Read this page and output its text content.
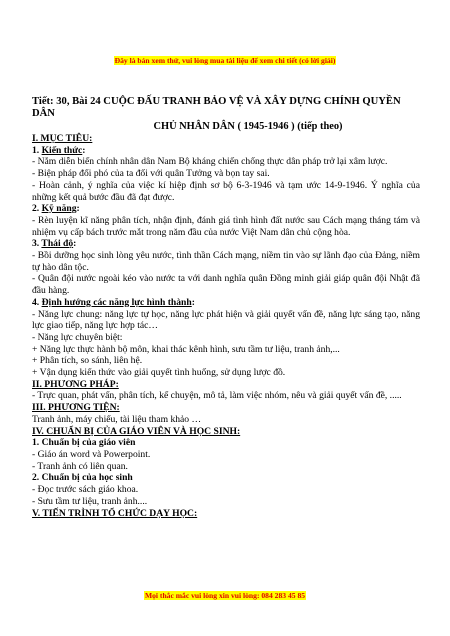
Đây là bản xem thử, vui lòng mua tài liệu để xem chi tiết (có lời giải)

Tiết: 30, Bài 24 CUỘC ĐẤU TRANH BẢO VỆ VÀ XÂY DỰNG CHÍNH QUYỀN DÂN

CHỦ NHÂN DÂN ( 1945-1946 ) (tiếp theo)

I. MỤC TIÊU:

1. Kiến thức:

- Nắm diễn biến chính nhân dân Nam Bộ kháng chiến chống thực dân pháp trở lại xâm lược.

- Biện pháp đối phó của ta đối với quân Tưởng và bọn tay sai.

- Hoàn cảnh, ý nghĩa của việc kí hiệp định sơ bộ 6-3-1946 và tạm ước 14-9-1946. Ý nghĩa của những kết quả bước đầu đã đạt được.

2. Kỹ năng:

- Rèn luyện kĩ năng phân tích, nhận định, đánh giá tình hình đất nước sau Cách mạng tháng tám và nhiệm vụ cấp bách trước mắt trong năm đầu của nước Việt Nam dân chủ cộng hòa.

3. Thái độ:

- Bồi dưỡng học sinh lòng yêu nước, tình thần Cách mạng, niềm tin vào sự lãnh đạo của Đảng, niềm tự hào dân tộc.

- Quân đội nước ngoài kéo vào nước ta với danh nghĩa quân Đồng minh giải giáp quân đội Nhật đã đầu hàng.

4. Định hướng các năng lực hình thành:

- Năng lực chung: năng lực tự học, năng lực phát hiện và giải quyết vấn đề, năng lực sáng tạo, năng lực giao tiếp, năng lực hợp tác…

- Năng lực chuyên biệt:

+ Năng lực thực hành bộ môn, khai thác kênh hình, sưu tầm tư liệu, tranh ảnh,...

+ Phân tích, so sánh, liên hệ.

+ Vận dụng kiến thức vào giải quyết tình huống, sử dụng lược đồ.

II. PHƯƠNG PHÁP:

- Trực quan, phát vấn, phân tích, kể chuyện, mô tả, làm việc nhóm, nêu và giải quyết vấn đề, .....

III. PHƯƠNG TIỆN:

Tranh ảnh, máy chiếu, tài liệu tham khảo …

IV. CHUẨN BỊ CỦA GIÁO VIÊN VÀ HỌC SINH:

1. Chuẩn bị của giáo viên

- Giáo án word và Powerpoint.

- Tranh ảnh có liên quan.

2. Chuẩn bị của học sinh

- Đọc trước sách giáo khoa.

- Sưu tầm tư liệu, tranh ảnh....

V. TIẾN TRÌNH TỔ CHỨC DẠY HỌC:

Mọi thắc mắc vui lòng xin vui lòng: 084 283 45 85
